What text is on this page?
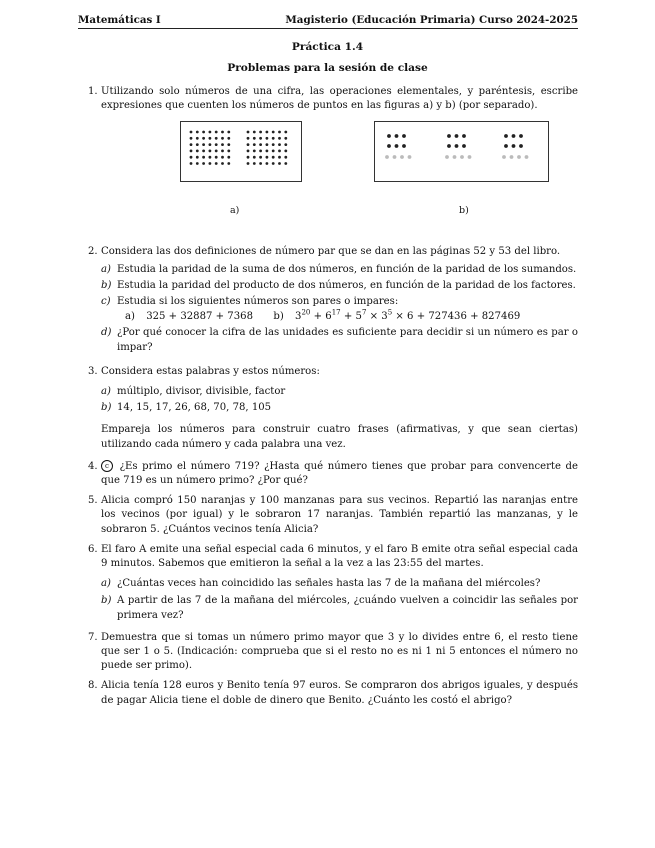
Matemáticas I	Magisterio (Educación Primaria) Curso 2024-2025
Práctica 1.4
Problemas para la sesión de clase
1. Utilizando solo números de una cifra, las operaciones elementales, y paréntesis, escribe expresiones que cuenten los números de puntos en las figuras a) y b) (por separado).
a)	b)
2. Considera las dos definiciones de número par que se dan en las páginas 52 y 53 del libro.
a) Estudia la paridad de la suma de dos números, en función de la paridad de los sumandos.
b) Estudia la paridad del producto de dos números, en función de la paridad de los factores.
c) Estudia si los siguientes números son pares o impares:
a) 325 + 32887 + 7368 b) $3^{20} + 6^{17} + 5^7 \times 3^5 \times 6 + 727436 + 827469$
d) ¿Por qué conocer la cifra de las unidades es suficiente para decidir si un número es par o impar?
3. Considera estas palabras y estos números:
a) múltiplo, divisor, divisible, factor
b) 14, 15, 17, 26, 68, 70, 78, 105
Empareja los números para construir cuatro frases (afirmativas, y que sean ciertas) utilizando cada número y cada palabra una vez.
4.	c ¿Es primo el número 719? ¿Hasta qué número tienes que probar para convencerte de que 719 es un número primo? ¿Por qué?
5. Alicia compró 150 naranjas y 100 manzanas para sus vecinos. Repartió las naranjas entre los vecinos (por igual) y le sobraron 17 naranjas. También repartió las manzanas, y le sobraron 5. ¿Cuántos vecinos tenía Alicia?
6. El faro A emite una señal especial cada 6 minutos, y el faro B emite otra señal especial cada 9 minutos. Sabemos que emitieron la señal a la vez a las 23:55 del martes.
a) ¿Cuántas veces han coincidido las señales hasta las 7 de la mañana del miércoles?
b) A partir de las 7 de la mañana del miércoles, ¿cuándo vuelven a coincidir las señales por primera vez?
7. Demuestra que si tomas un número primo mayor que 3 y lo divides entre 6, el resto tiene que ser 1 o 5. (Indicación: comprueba que si el resto no es ni 1 ni 5 entonces el número no puede ser primo).
8. Alicia tenía 128 euros y Benito tenía 97 euros. Se compraron dos abrigos iguales, y después de pagar Alicia tiene el doble de dinero que Benito. ¿Cuánto les costó el abrigo?
